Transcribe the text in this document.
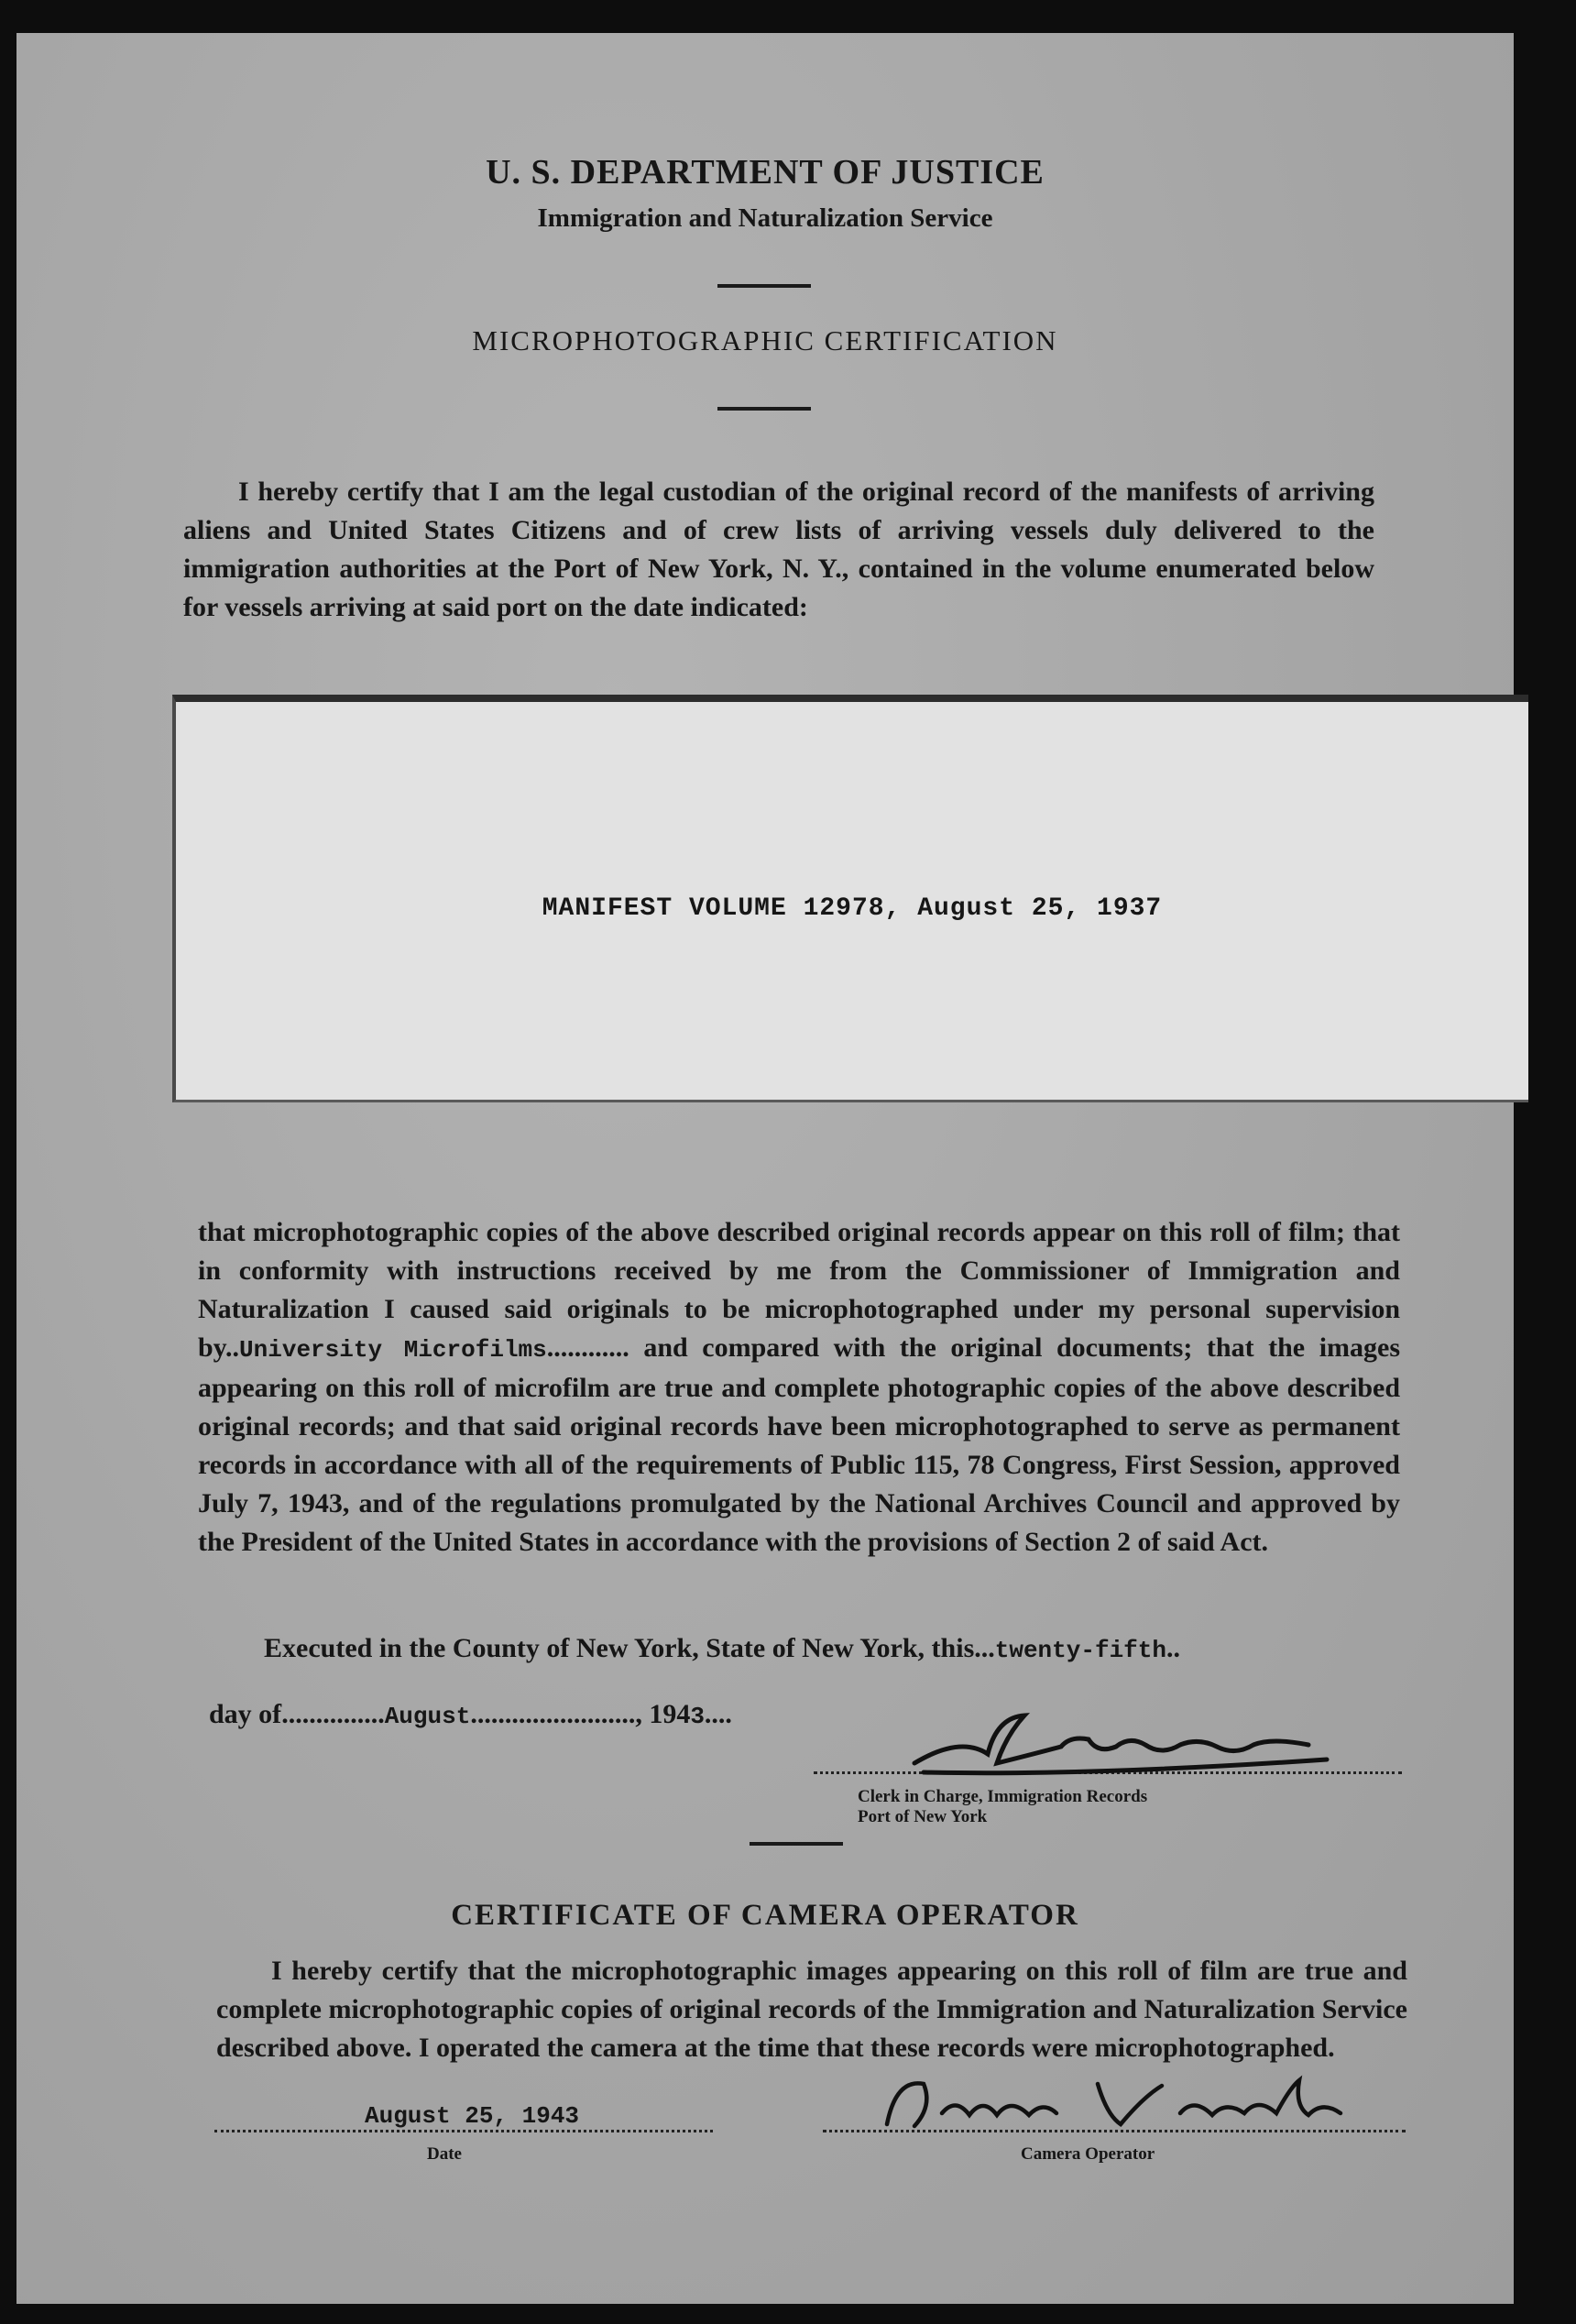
U. S. DEPARTMENT OF JUSTICE
Immigration and Naturalization Service
MICROPHOTOGRAPHIC CERTIFICATION

I hereby certify that I am the legal custodian of the original record of the manifests of arriving aliens and United States Citizens and of crew lists of arriving vessels duly delivered to the immigration authorities at the Port of New York, N. Y., contained in the volume enumerated below for vessels arriving at said port on the date indicated:

MANIFEST VOLUME 12978, August 25, 1937

that microphotographic copies of the above described original records appear on this roll of film; that in conformity with instructions received by me from the Commissioner of Immigration and Naturalization I caused said originals to be microphotographed under my personal supervision by..University Microfilms............ and compared with the original documents; that the images appearing on this roll of microfilm are true and complete photographic copies of the above described original records; and that said original records have been microphotographed to serve as permanent records in accordance with all of the requirements of Public 115, 78 Congress, First Session, approved July 7, 1943, and of the regulations promulgated by the National Archives Council and approved by the President of the United States in accordance with the provisions of Section 2 of said Act.

Executed in the County of New York, State of New York, this...twenty-fifth..
day of...............August........................, 1943....
Clerk in Charge, Immigration Records
Port of New York
CERTIFICATE OF CAMERA OPERATOR

I hereby certify that the microphotographic images appearing on this roll of film are true and complete microphotographic copies of original records of the Immigration and Naturalization Service described above. I operated the camera at the time that these records were microphotographed.

August 25, 1943
Date	Camera Operator
